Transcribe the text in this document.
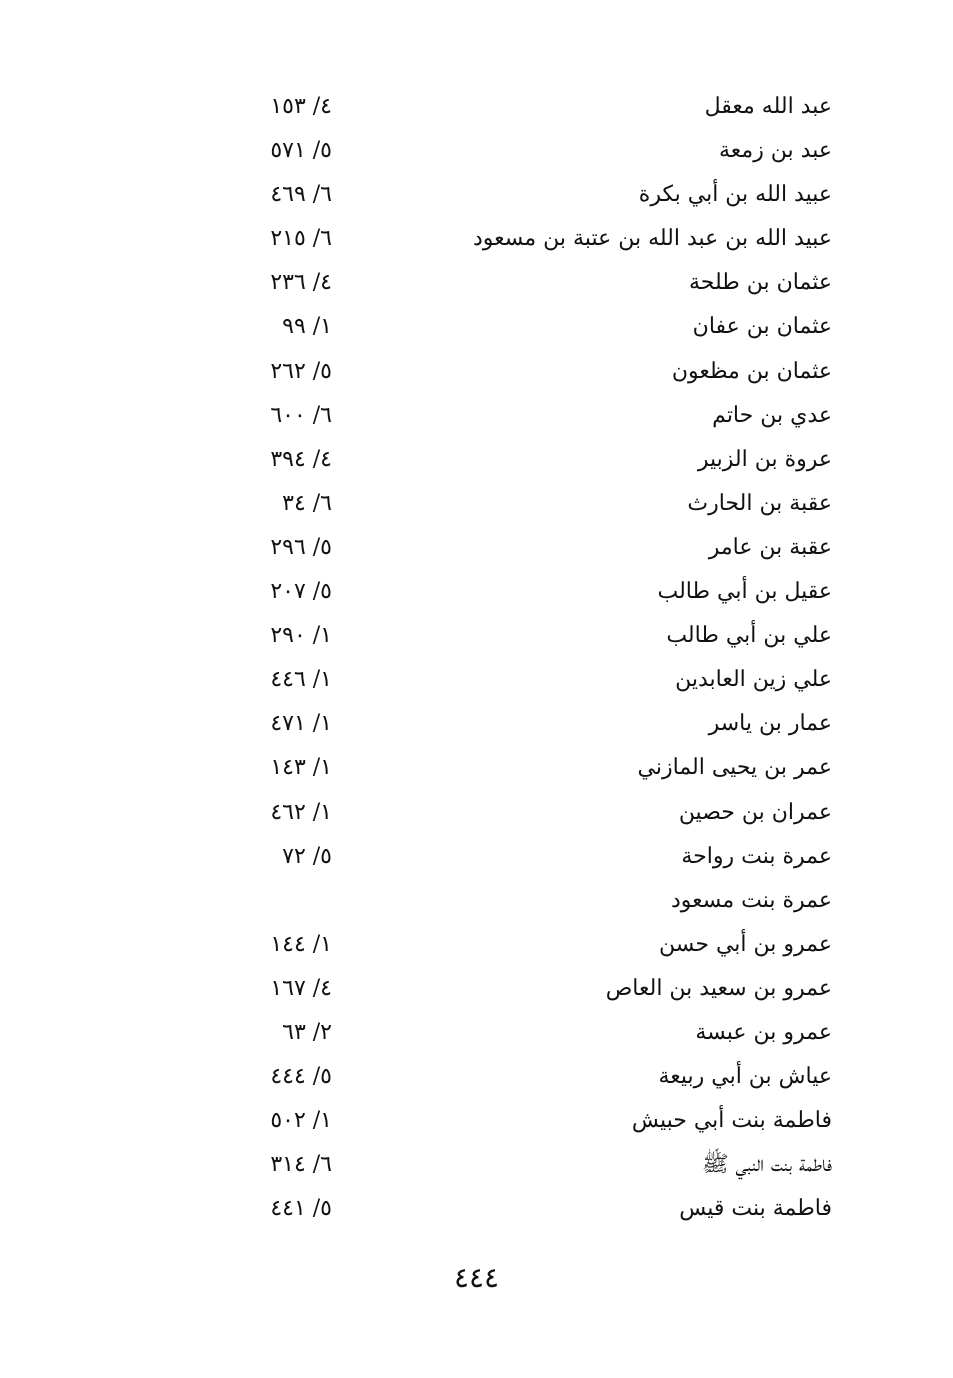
عبد الله معقل
٤/ ١٥٣
عبد بن زمعة
٥/ ٥٧١
عبيد الله بن أبي بكرة
٦/ ٤٦٩
عبيد الله بن عبد الله بن عتبة بن مسعود
٦/ ٢١٥
عثمان بن طلحة
٤/ ٢٣٦
عثمان بن عفان
١/ ٩٩
عثمان بن مظعون
٥/ ٢٦٢
عدي بن حاتم
٦/ ٦٠٠
عروة بن الزبير
٤/ ٣٩٤
عقبة بن الحارث
٦/ ٣٤
عقبة بن عامر
٥/ ٢٩٦
عقيل بن أبي طالب
٥/ ٢٠٧
علي بن أبي طالب
١/ ٢٩٠
علي زين العابدين
١/ ٤٤٦
عمار بن ياسر
١/ ٤٧١
عمر بن يحيى المازني
١/ ١٤٣
عمران بن حصين
١/ ٤٦٢
عمرة بنت رواحة
٥/ ٧٢
عمرة بنت مسعود
عمرو بن أبي حسن
١/ ١٤٤
عمرو بن سعيد بن العاص
٤/ ١٦٧
عمرو بن عبسة
٢/ ٦٣
عياش بن أبي ربيعة
٥/ ٤٤٤
فاطمة بنت أبي حبيش
١/ ٥٠٢
فاطمة بنت النبي ﷺ
٦/ ٣١٤
فاطمة بنت قيس
٥/ ٤٤١
٤٤٤
